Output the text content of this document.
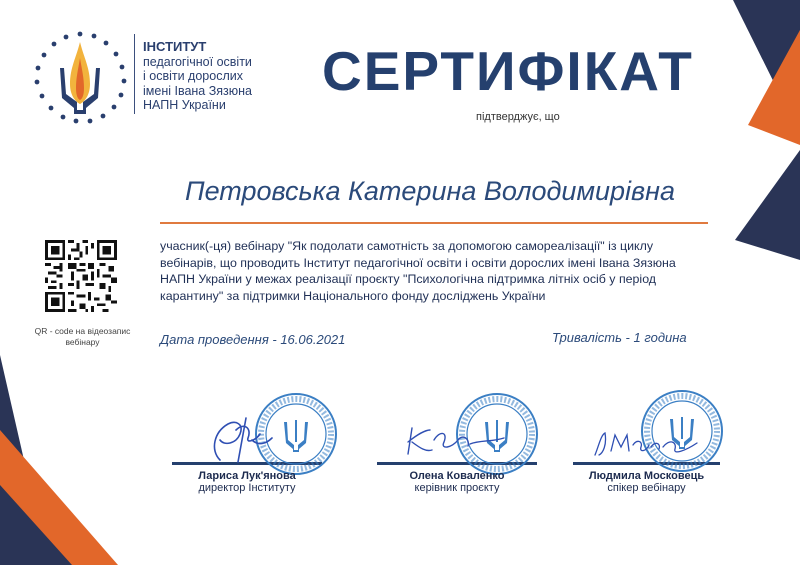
ІНСТИТУТ
педагогічної освіти
і освіти дорослих
імені Івана Зязюна
НАПН України
СЕРТИФІКАТ
підтверджує, що
Петровська Катерина Володимирівна
учасник(-ця) вебінару "Як подолати самотність за допомогою самореалізації" із циклу вебінарів, що проводить Інститут педагогічної освіти і освіти дорослих імені Івана Зязюна НАПН України у межах реалізації проєкту "Психологічна підтримка літніх осіб у період карантину" за підтримки Національного фонду досліджень України
QR - code на відеозапис вебінару	Дата проведення - 16.06.2021	Тривалість - 1 година
Лариса Лук'янова
директор Інституту
Олена Коваленко
керівник проєкту
Людмила Московець
спікер вебінару
